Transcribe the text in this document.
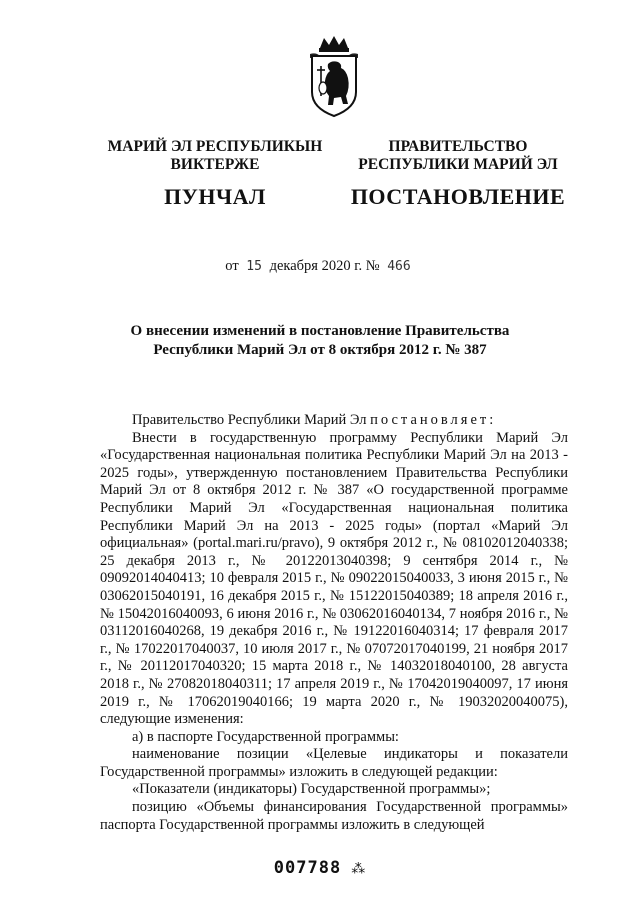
МАРИЙ ЭЛ РЕСПУБЛИКЫН
ВИКТЕРЖЕ
ПУНЧАЛ
ПРАВИТЕЛЬСТВО
РЕСПУБЛИКИ МАРИЙ ЭЛ
ПОСТАНОВЛЕНИЕ
от 15 декабря 2020 г. № 466
О внесении изменений в постановление Правительства
Республики Марий Эл от 8 октября 2012 г. № 387

Правительство Республики Марий Эл постановляет:

Внести в государственную программу Республики Марий Эл «Государственная национальная политика Республики Марий Эл на 2013 - 2025 годы», утвержденную постановлением Правительства Республики Марий Эл от 8 октября 2012 г. № 387 «О государственной программе Республики Марий Эл «Государственная национальная политика Республики Марий Эл на 2013 - 2025 годы» (портал «Марий Эл официальная» (portal.mari.ru/pravo), 9 октября 2012 г., № 08102012040338; 25 декабря 2013 г., № 20122013040398; 9 сентября 2014 г., № 09092014040413; 10 февраля 2015 г., № 09022015040033, 3 июня 2015 г., № 03062015040191, 16 декабря 2015 г., № 15122015040389; 18 апреля 2016 г., № 15042016040093, 6 июня 2016 г., № 03062016040134, 7 ноября 2016 г., № 03112016040268, 19 декабря 2016 г., № 19122016040314; 17 февраля 2017 г., № 17022017040037, 10 июля 2017 г., № 07072017040199, 21 ноября 2017 г., № 20112017040320; 15 марта 2018 г., № 14032018040100, 28 августа 2018 г., № 27082018040311; 17 апреля 2019 г., № 17042019040097, 17 июня 2019 г., № 17062019040166; 19 марта 2020 г., № 19032020040075), следующие изменения:

а) в паспорте Государственной программы:

наименование позиции «Целевые индикаторы и показатели Государственной программы» изложить в следующей редакции:

«Показатели (индикаторы) Государственной программы»;

позицию «Объемы финансирования Государственной программы» паспорта Государственной программы изложить в следующей

007788 ⁂
